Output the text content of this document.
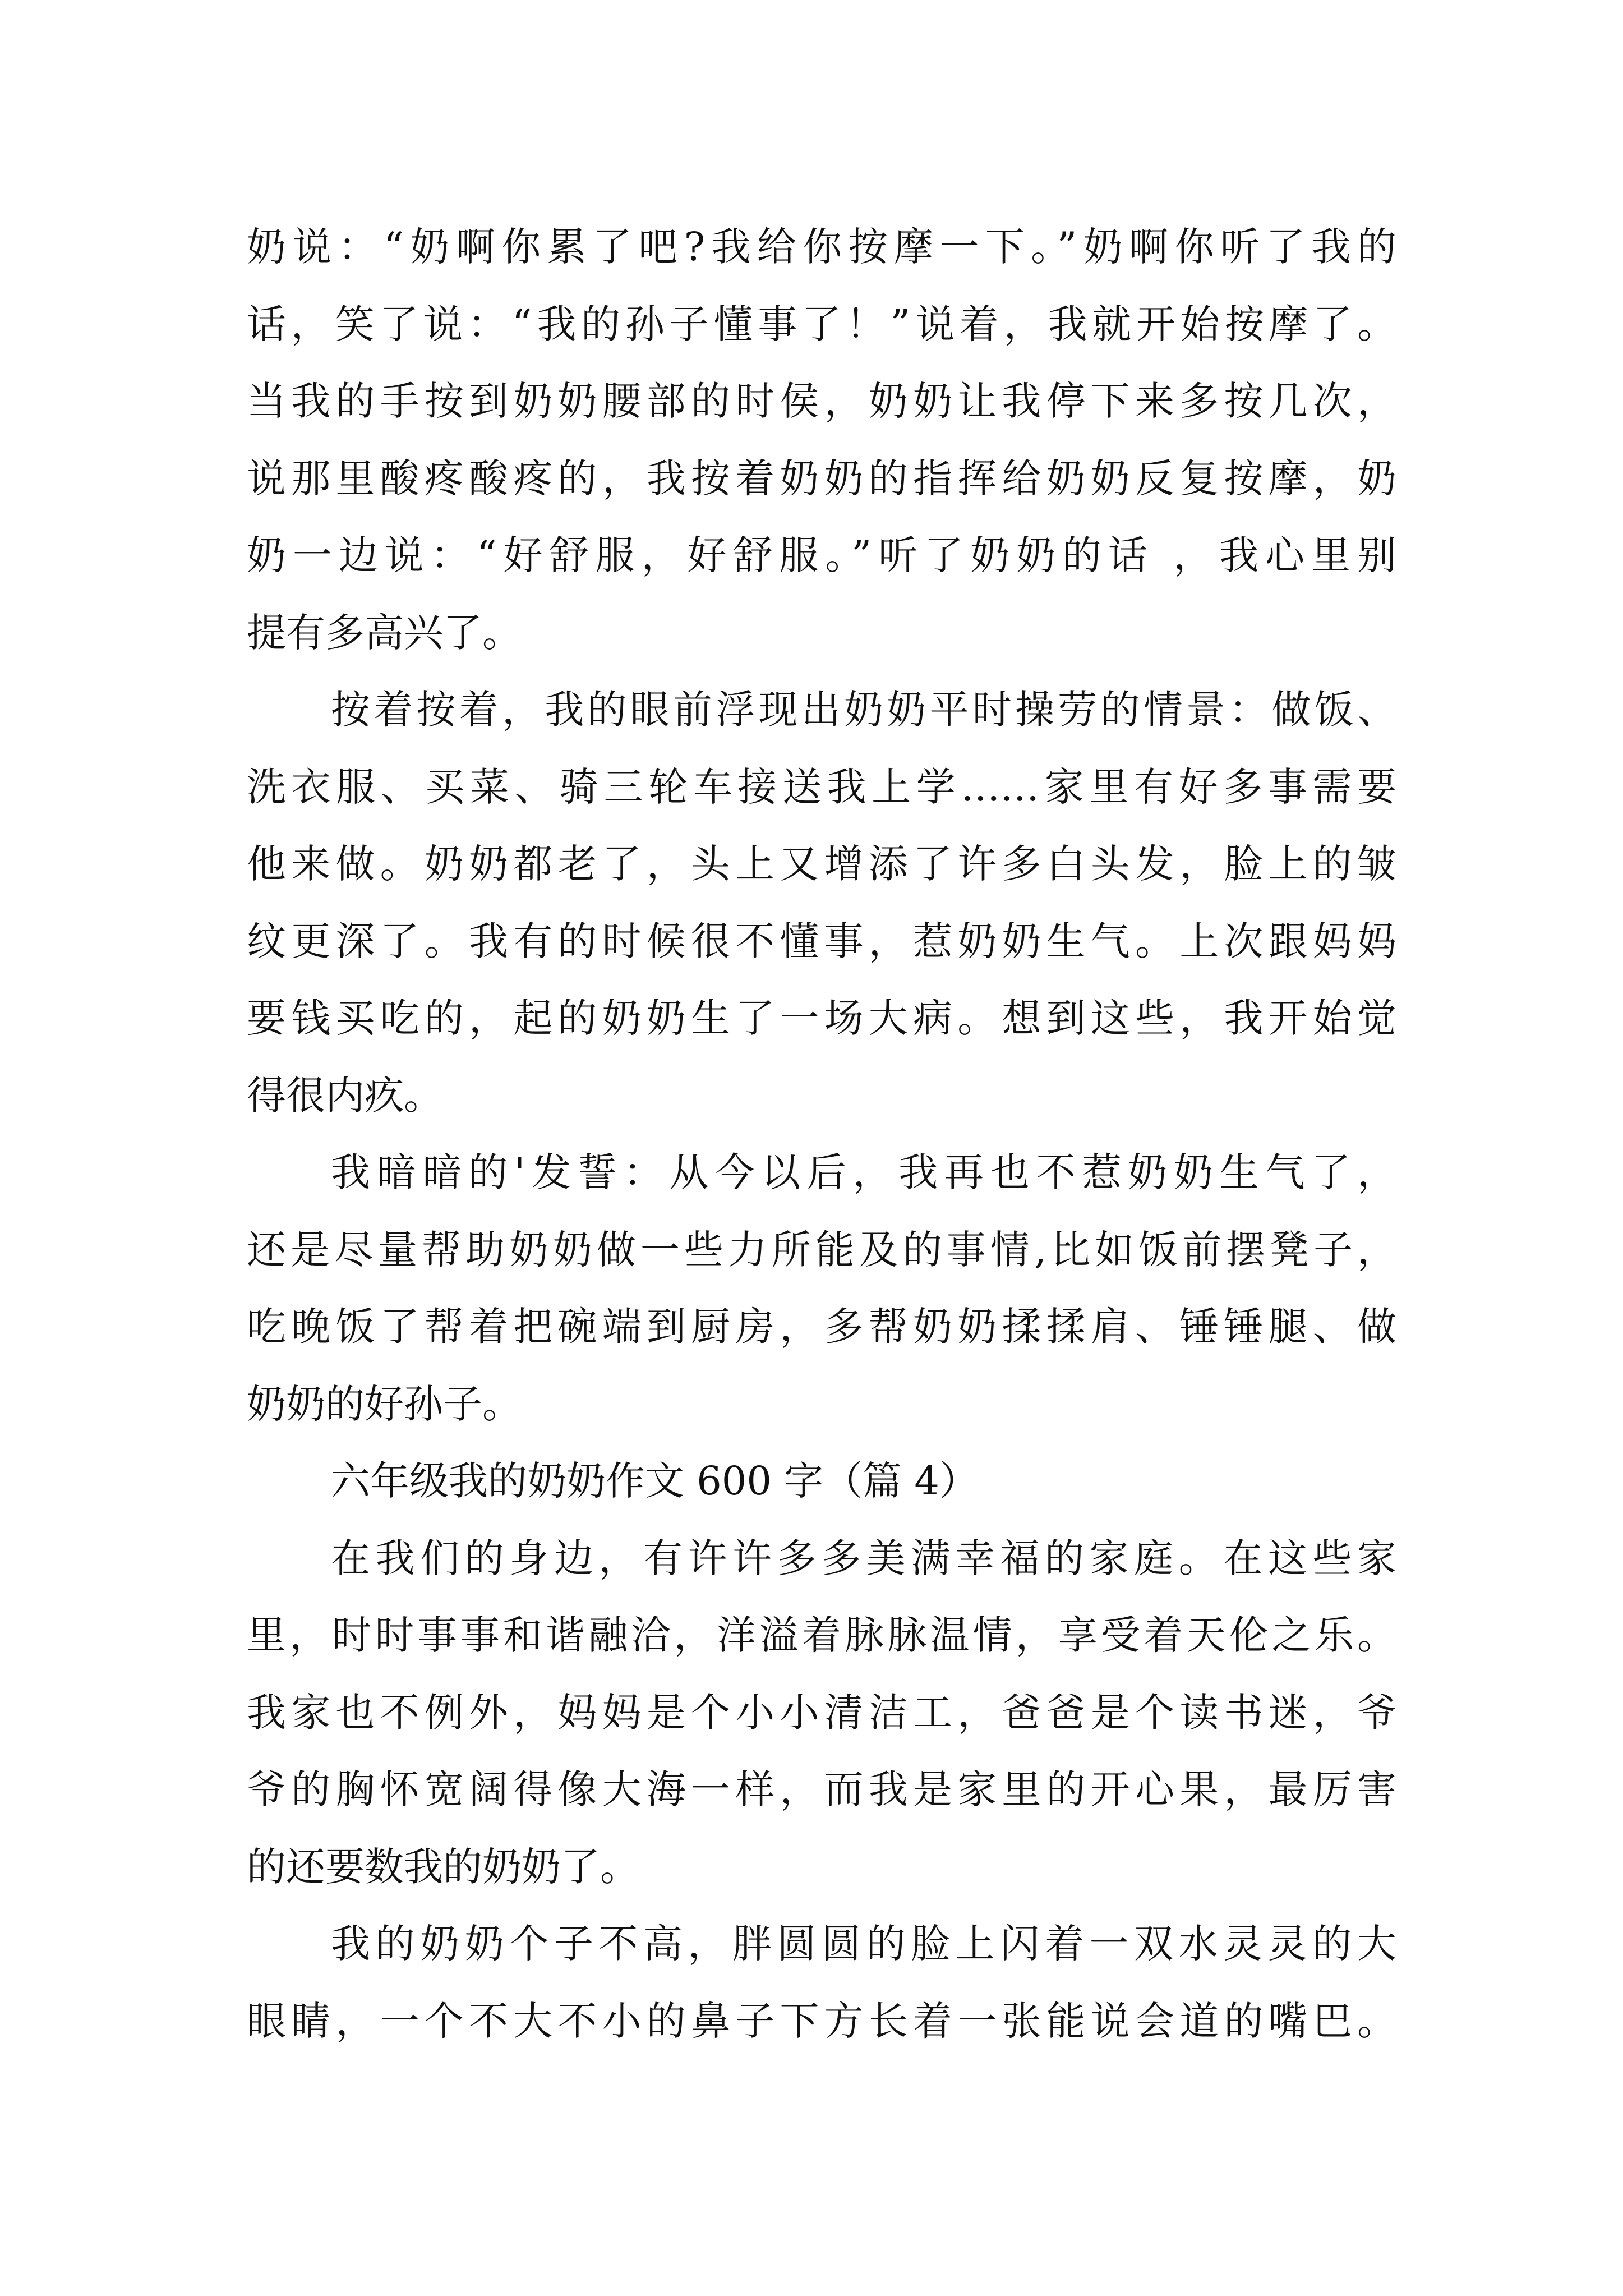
奶说：“奶啊你累了吧?我给你按摩一下。”奶啊你听了我的
话，笑了说：“我的孙子懂事了！”说着，我就开始按摩了。
当我的手按到奶奶腰部的时侯，奶奶让我停下来多按几次，
说那里酸疼酸疼的，我按着奶奶的指挥给奶奶反复按摩，奶
奶一边说：“好舒服，好舒服。”听了奶奶的话 ，我心里别
提有多高兴了。
按着按着，我的眼前浮现出奶奶平时操劳的情景：做饭、
洗衣服、买菜、骑三轮车接送我上学……家里有好多事需要
他来做。奶奶都老了，头上又增添了许多白头发，脸上的皱
纹更深了。我有的时候很不懂事，惹奶奶生气。上次跟妈妈
要钱买吃的，起的奶奶生了一场大病。想到这些，我开始觉
得很内疚。
我暗暗的'发誓：从今以后，我再也不惹奶奶生气了，
还是尽量帮助奶奶做一些力所能及的事情,比如饭前摆凳子，
吃晚饭了帮着把碗端到厨房，多帮奶奶揉揉肩、锤锤腿、做
奶奶的好孙子。
六年级我的奶奶作文 600 字（篇 4）
在我们的身边，有许许多多美满幸福的家庭。在这些家
里，时时事事和谐融洽，洋溢着脉脉温情，享受着天伦之乐。
我家也不例外，妈妈是个小小清洁工，爸爸是个读书迷，爷
爷的胸怀宽阔得像大海一样，而我是家里的开心果，最厉害
的还要数我的奶奶了。
我的奶奶个子不高，胖圆圆的脸上闪着一双水灵灵的大
眼睛，一个不大不小的鼻子下方长着一张能说会道的嘴巴。
